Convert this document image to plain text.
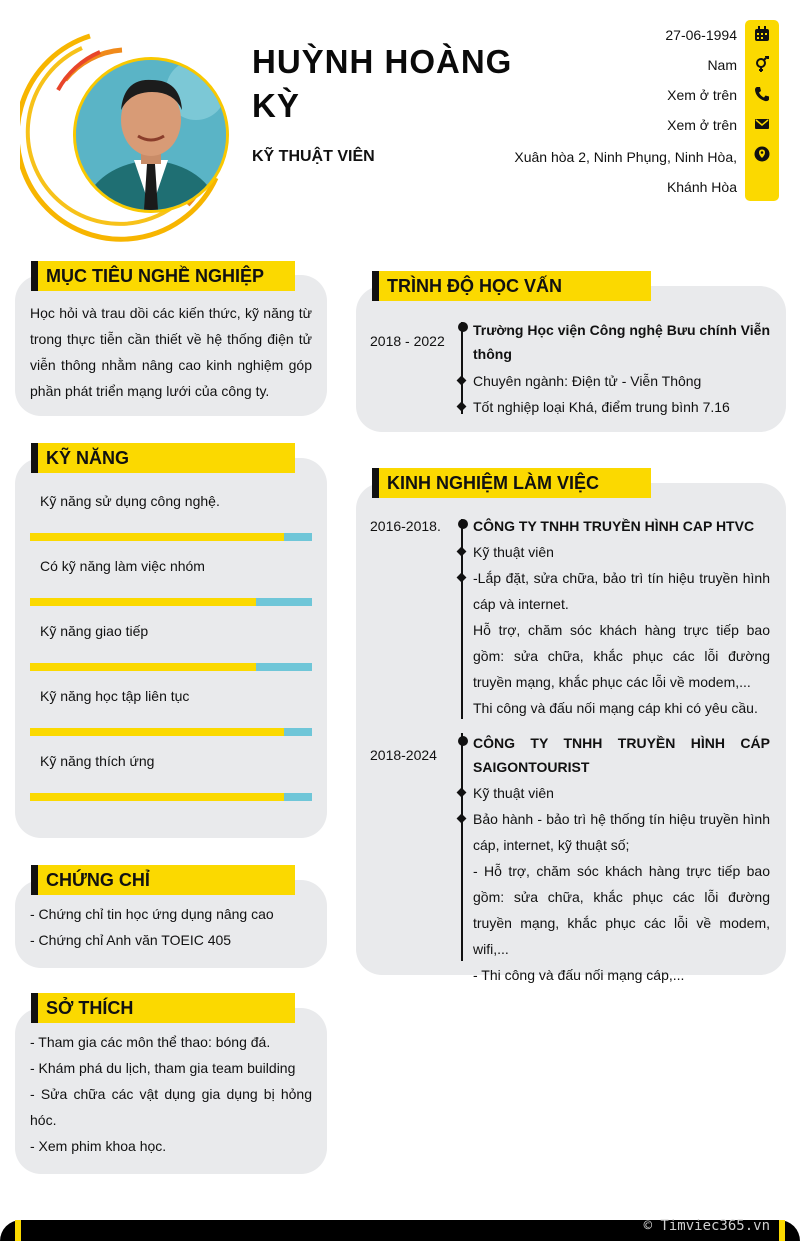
HUỲNH HOÀNG KỲ
KỸ THUẬT VIÊN
27-06-1994
Nam
Xem ở trên
Xem ở trên
Xuân hòa 2, Ninh Phụng, Ninh Hòa, Khánh Hòa
MỤC TIÊU NGHỀ NGHIỆP
Học hỏi và trau dồi các kiến thức, kỹ năng từ trong thực tiễn cần thiết về hệ thống điện tử viễn thông nhằm nâng cao kinh nghiệm góp phần phát triển mạng lưới của công ty.
KỸ NĂNG
Kỹ năng sử dụng công nghệ.
Có kỹ năng làm việc nhóm
Kỹ năng giao tiếp
Kỹ năng học tập liên tục
Kỹ năng thích ứng
CHỨNG CHỈ
- Chứng chỉ tin học ứng dụng nâng cao
- Chứng chỉ Anh văn TOEIC 405
SỞ THÍCH
- Tham gia các môn thể thao: bóng đá.
- Khám phá du lịch, tham gia team building
- Sửa chữa các vật dụng gia dụng bị hỏng hóc.
- Xem phim khoa học.
TRÌNH ĐỘ HỌC VẤN
2018 - 2022
Trường Học viện Công nghệ Bưu chính Viễn thông
Chuyên ngành: Điện tử - Viễn Thông
Tốt nghiệp loại Khá, điểm trung bình 7.16
KINH NGHIỆM LÀM VIỆC
2016-2018. CÔNG TY TNHH TRUYỀN HÌNH CAP HTVC
Kỹ thuật viên
-Lắp đặt, sửa chữa, bảo trì tín hiệu truyền hình cáp và internet.
Hỗ trợ, chăm sóc khách hàng trực tiếp bao gồm: sửa chữa, khắc phục các lỗi đường truyền mạng, khắc phục các lỗi về modem,...
Thi công và đấu nối mạng cáp khi có yêu cầu.
2018-2024
CÔNG TY TNHH TRUYỀN HÌNH CÁP SAIGONTOURIST
Kỹ thuật viên
Bảo hành - bảo trì hệ thống tín hiệu truyền hình cáp, internet, kỹ thuật số;
- Hỗ trợ, chăm sóc khách hàng trực tiếp bao gồm: sửa chữa, khắc phục các lỗi đường truyền mạng, khắc phục các lỗi về modem, wifi,...
- Thi công và đấu nối mạng cáp,...
© Timviec365.vn
